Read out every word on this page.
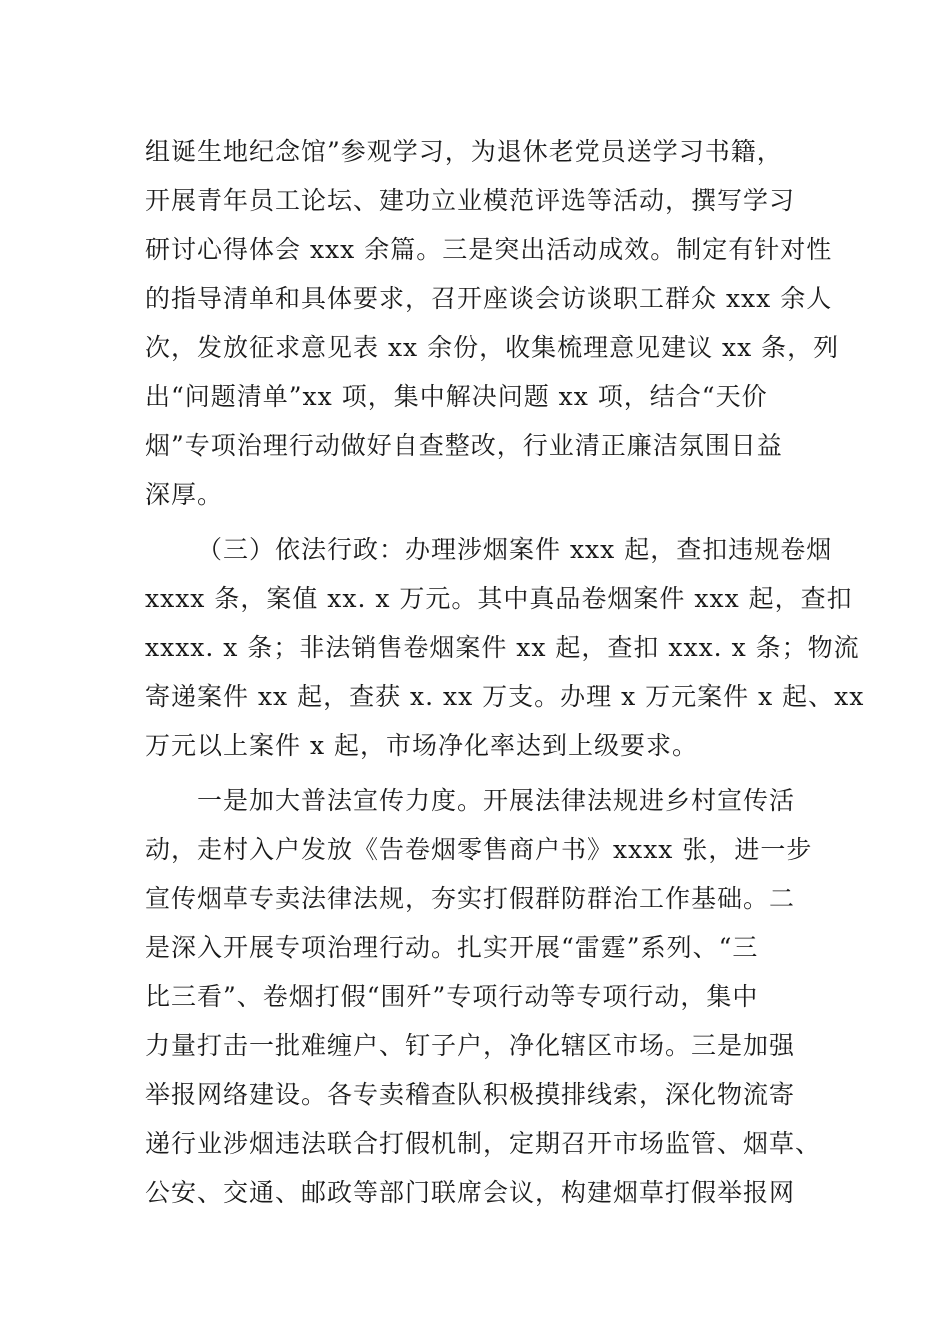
组诞生地纪念馆”参观学习，为退休老党员送学习书籍，
开展青年员工论坛、建功立业模范评选等活动，撰写学习
研讨心得体会 xxx 余篇。三是突出活动成效。制定有针对性
的指导清单和具体要求，召开座谈会访谈职工群众 xxx 余人
次，发放征求意见表 xx 余份，收集梳理意见建议 xx 条，列
出“问题清单”xx 项，集中解决问题 xx 项，结合“天价
烟”专项治理行动做好自查整改，行业清正廉洁氛围日益
深厚。
（三）依法行政：办理涉烟案件 xxx 起，查扣违规卷烟
xxxx 条，案值 xx. x 万元。其中真品卷烟案件 xxx 起，查扣
xxxx. x 条；非法销售卷烟案件 xx 起，查扣 xxx. x 条；物流
寄递案件 xx 起，查获 x. xx 万支。办理 x 万元案件 x 起、xx
万元以上案件 x 起，市场净化率达到上级要求。
一是加大普法宣传力度。开展法律法规进乡村宣传活
动，走村入户发放《告卷烟零售商户书》xxxx 张，进一步
宣传烟草专卖法律法规，夯实打假群防群治工作基础。二
是深入开展专项治理行动。扎实开展“雷霆”系列、“三
比三看”、卷烟打假“围歼”专项行动等专项行动，集中
力量打击一批难缠户、钉子户，净化辖区市场。三是加强
举报网络建设。各专卖稽查队积极摸排线索，深化物流寄
递行业涉烟违法联合打假机制，定期召开市场监管、烟草、
公安、交通、邮政等部门联席会议，构建烟草打假举报网
